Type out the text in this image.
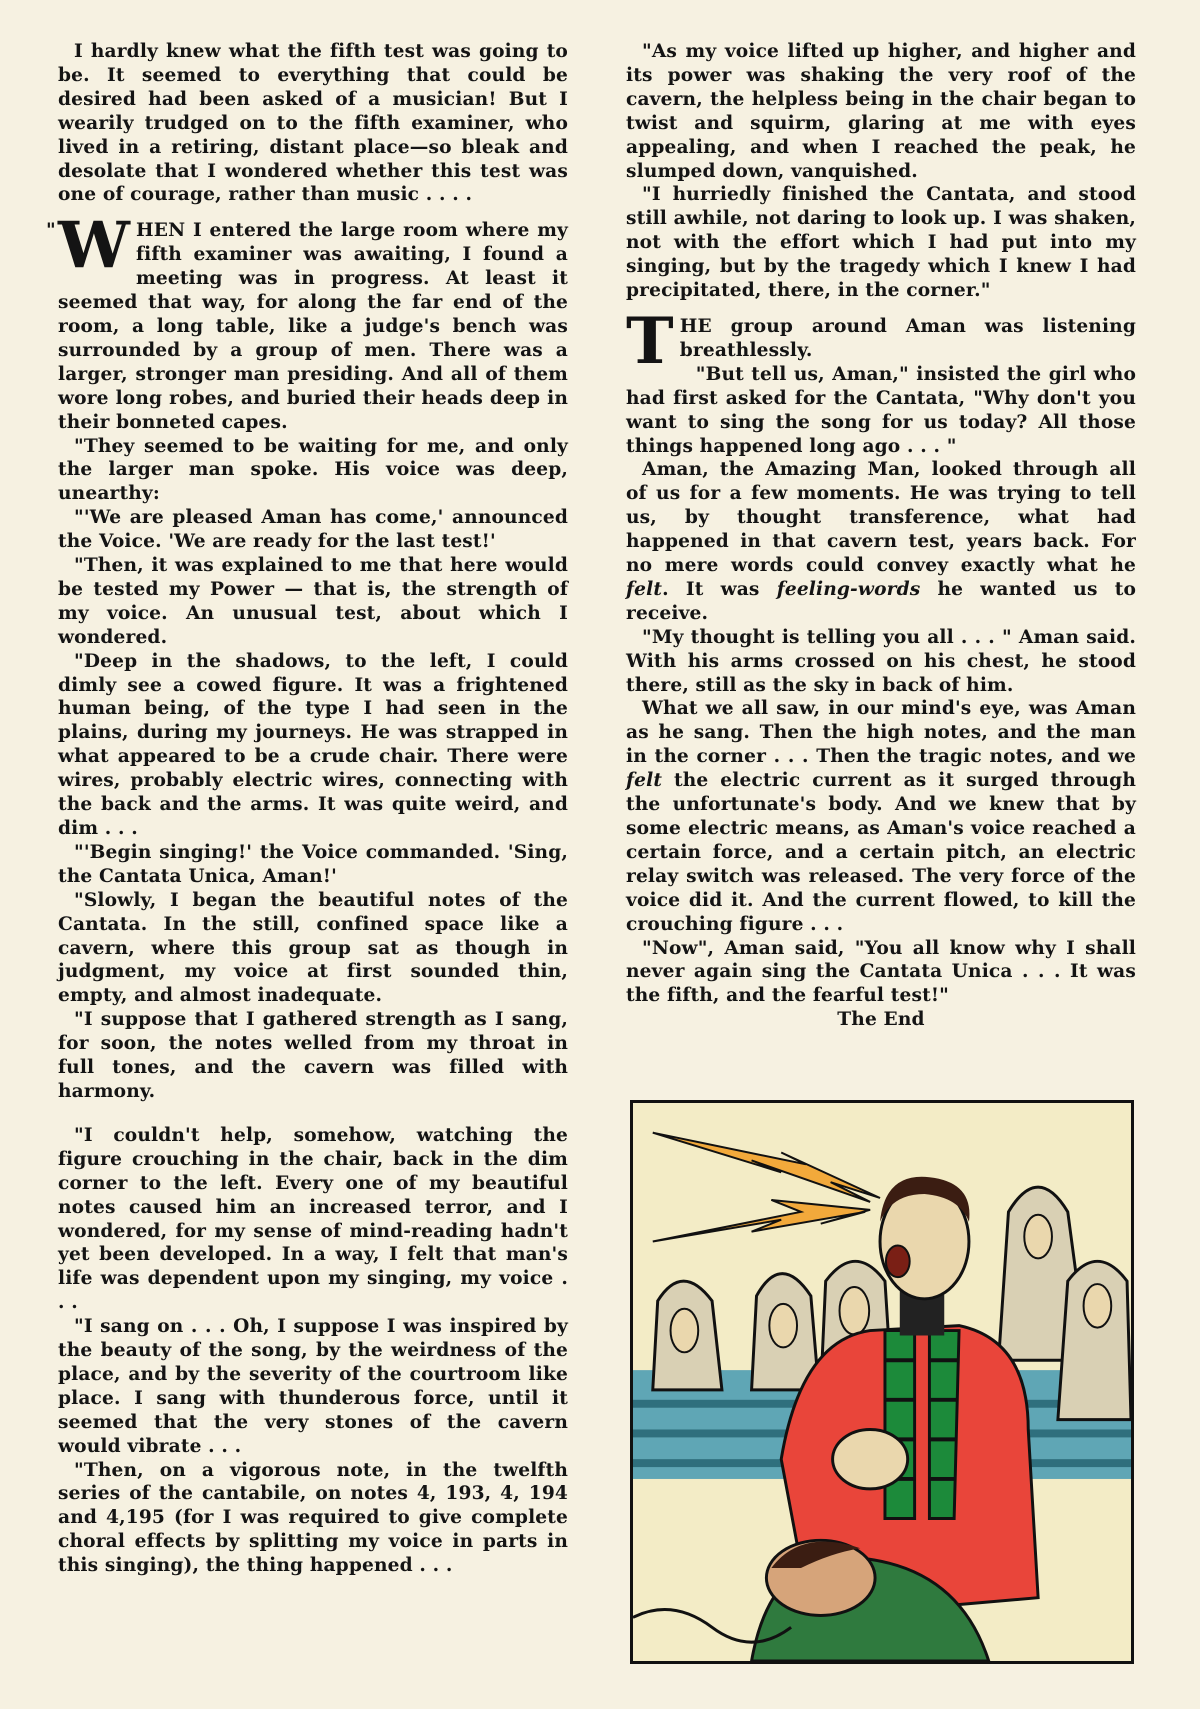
I hardly knew what the fifth test was going to be. It seemed to everything that could be desired had been asked of a musician! But I wearily trudged on to the fifth examiner, who lived in a retiring, distant place—so bleak and desolate that I wondered whether this test was one of courage, rather than music . . . .

" W HEN I entered the large room where my fifth examiner was awaiting, I found a meeting was in progress. At least it seemed that way, for along the far end of the room, a long table, like a judge's bench was surrounded by a group of men. There was a larger, stronger man presiding. And all of them wore long robes, and buried their heads deep in their bonneted capes.

"They seemed to be waiting for me, and only the larger man spoke. His voice was deep, unearthy:

"'We are pleased Aman has come,' announced the Voice. 'We are ready for the last test!'

"Then, it was explained to me that here would be tested my Power — that is, the strength of my voice. An unusual test, about which I wondered.

"Deep in the shadows, to the left, I could dimly see a cowed figure. It was a frightened human being, of the type I had seen in the plains, during my journeys. He was strapped in what appeared to be a crude chair. There were wires, probably electric wires, connecting with the back and the arms. It was quite weird, and dim . . .

"'Begin singing!' the Voice commanded. 'Sing, the Cantata Unica, Aman!'

"Slowly, I began the beautiful notes of the Cantata. In the still, confined space like a cavern, where this group sat as though in judgment, my voice at first sounded thin, empty, and almost inadequate.

"I suppose that I gathered strength as I sang, for soon, the notes welled from my throat in full tones, and the cavern was filled with harmony.

"I couldn't help, somehow, watching the figure crouching in the chair, back in the dim corner to the left. Every one of my beautiful notes caused him an increased terror, and I wondered, for my sense of mind-reading hadn't yet been developed. In a way, I felt that man's life was dependent upon my singing, my voice . . .

"I sang on . . . Oh, I suppose I was inspired by the beauty of the song, by the weirdness of the place, and by the severity of the courtroom like place. I sang with thunderous force, until it seemed that the very stones of the cavern would vibrate . . .

"Then, on a vigorous note, in the twelfth series of the cantabile, on notes 4, 193, 4, 194 and 4,195 (for I was required to give complete choral effects by splitting my voice in parts in this singing), the thing happened . . .

"As my voice lifted up higher, and higher and its power was shaking the very roof of the cavern, the helpless being in the chair began to twist and squirm, glaring at me with eyes appealing, and when I reached the peak, he slumped down, vanquished.

"I hurriedly finished the Cantata, and stood still awhile, not daring to look up. I was shaken, not with the effort which I had put into my singing, but by the tragedy which I knew I had precipitated, there, in the corner."

T HE group around Aman was listening breathlessly.

"But tell us, Aman," insisted the girl who had first asked for the Cantata, "Why don't you want to sing the song for us today? All those things happened long ago . . . "

Aman, the Amazing Man, looked through all of us for a few moments. He was trying to tell us, by thought transference, what had happened in that cavern test, years back. For no mere words could convey exactly what he felt. It was feeling-words he wanted us to receive.

"My thought is telling you all . . . " Aman said. With his arms crossed on his chest, he stood there, still as the sky in back of him.

What we all saw, in our mind's eye, was Aman as he sang. Then the high notes, and the man in the corner . . . Then the tragic notes, and we felt the electric current as it surged through the unfortunate's body. And we knew that by some electric means, as Aman's voice reached a certain force, and a certain pitch, an electric relay switch was released. The very force of the voice did it. And the current flowed, to kill the crouching figure . . .

"Now", Aman said, "You all know why I shall never again sing the Cantata Unica . . . It was the fifth, and the fearful test!"

The End
